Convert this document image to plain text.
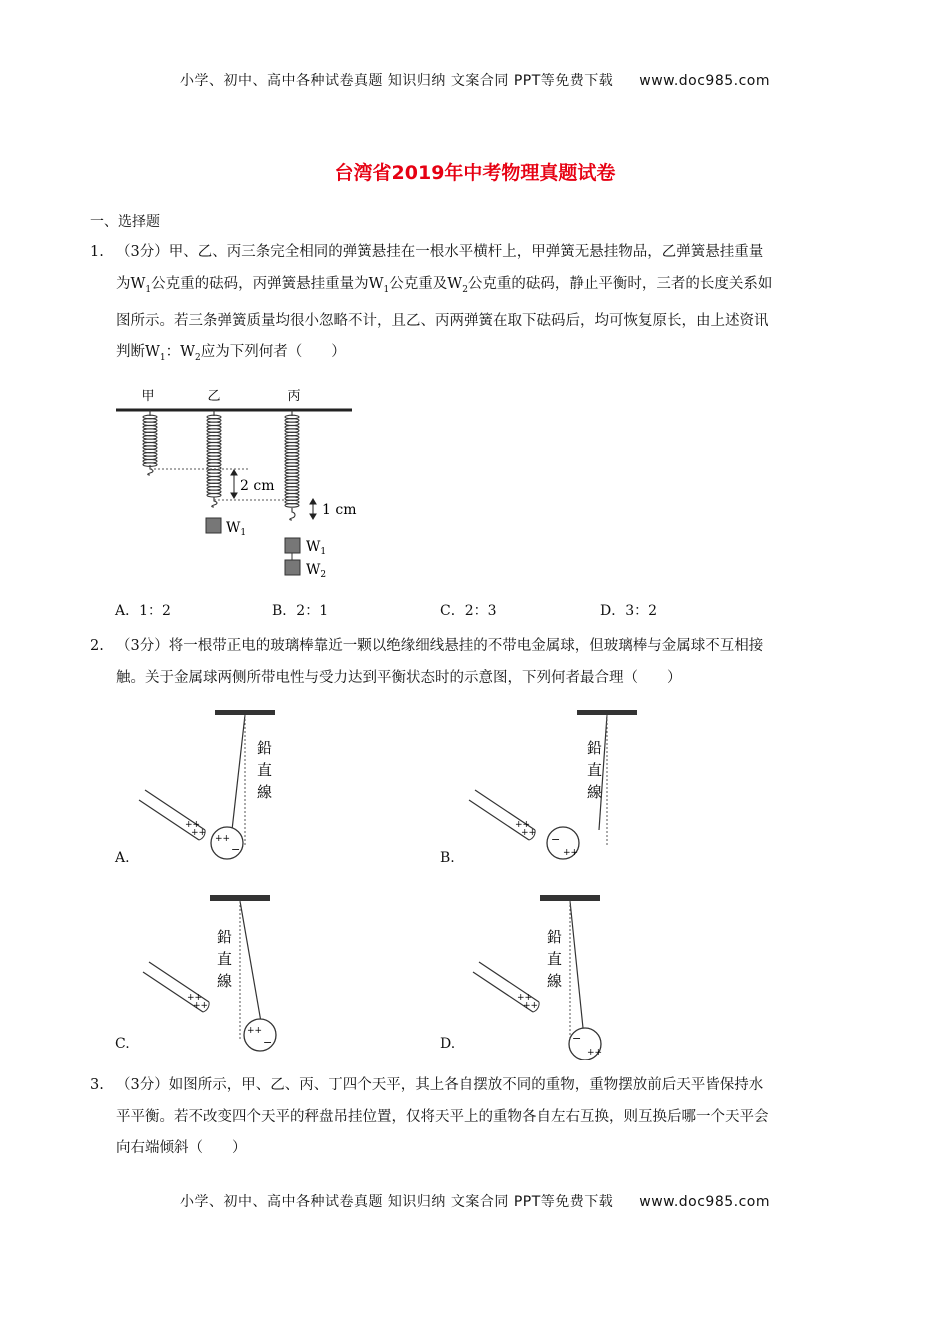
小学、初中、高中各种试卷真题 知识归纳 文案合同 PPT等免费下载 www.doc985.com
台湾省2019年中考物理真题试卷
一、选择题
1. （3分）甲、乙、丙三条完全相同的弹簧悬挂在一根水平横杆上，甲弹簧无悬挂物品，乙弹簧悬挂重量
为$W_1$公克重的砝码，丙弹簧悬挂重量为$W_1$公克重及$W_2$公克重的砝码，静止平衡时，三者的长度关系如
图所示。若三条弹簧质量均很小忽略不计，且乙、丙两弹簧在取下砝码后，均可恢复原长，由上述资讯
判断$W_1$：$W_2$应为下列何者（　　）
甲	乙	丙
2 cm
1 cm
$W_1$
$W_1$
$W_2$
A．1：2	B．2：1	C．2：3	D．3：2
2. （3分）将一根带正电的玻璃棒靠近一颗以绝缘细线悬挂的不带电金属球，但玻璃棒与金属球不互相接
触。关于金属球两侧所带电性与受力达到平衡状态时的示意图，下列何者最合理（　　）
鉛
直
線
++
++
++
−
A.
鉛
直
線
++
++ −
++
B.
鉛
直
線
++
++
++
−
C.
鉛
直
線
++
++
−
++
D.
3. （3分）如图所示，甲、乙、丙、丁四个天平，其上各自摆放不同的重物，重物摆放前后天平皆保持水
平平衡。若不改变四个天平的秤盘吊挂位置，仅将天平上的重物各自左右互换，则互换后哪一个天平会
向右端倾斜（　　）
小学、初中、高中各种试卷真题 知识归纳 文案合同 PPT等免费下载 www.doc985.com
